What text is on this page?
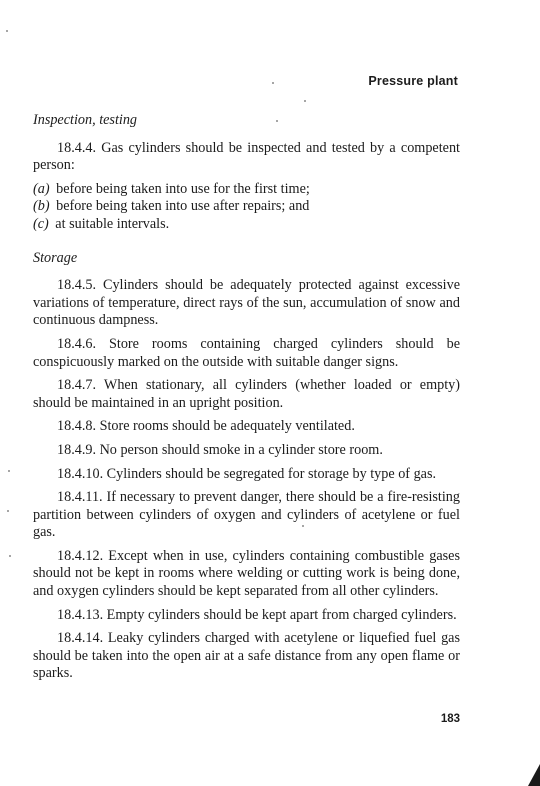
Pressure plant
Inspection, testing
18.4.4. Gas cylinders should be inspected and tested by a competent person:
(a) before being taken into use for the first time;
(b) before being taken into use after repairs; and
(c) at suitable intervals.
Storage
18.4.5. Cylinders should be adequately protected against excessive variations of temperature, direct rays of the sun, accumulation of snow and continuous dampness.
18.4.6. Store rooms containing charged cylinders should be conspicuously marked on the outside with suitable danger signs.
18.4.7. When stationary, all cylinders (whether loaded or empty) should be maintained in an upright position.
18.4.8. Store rooms should be adequately ventilated.
18.4.9. No person should smoke in a cylinder store room.
18.4.10. Cylinders should be segregated for storage by type of gas.
18.4.11. If necessary to prevent danger, there should be a fire-resisting partition between cylinders of oxygen and cylinders of acetylene or fuel gas.
18.4.12. Except when in use, cylinders containing combustible gases should not be kept in rooms where welding or cutting work is being done, and oxygen cylinders should be kept separated from all other cylinders.
18.4.13. Empty cylinders should be kept apart from charged cylinders.
18.4.14. Leaky cylinders charged with acetylene or liquefied fuel gas should be taken into the open air at a safe distance from any open flame or sparks.
183
